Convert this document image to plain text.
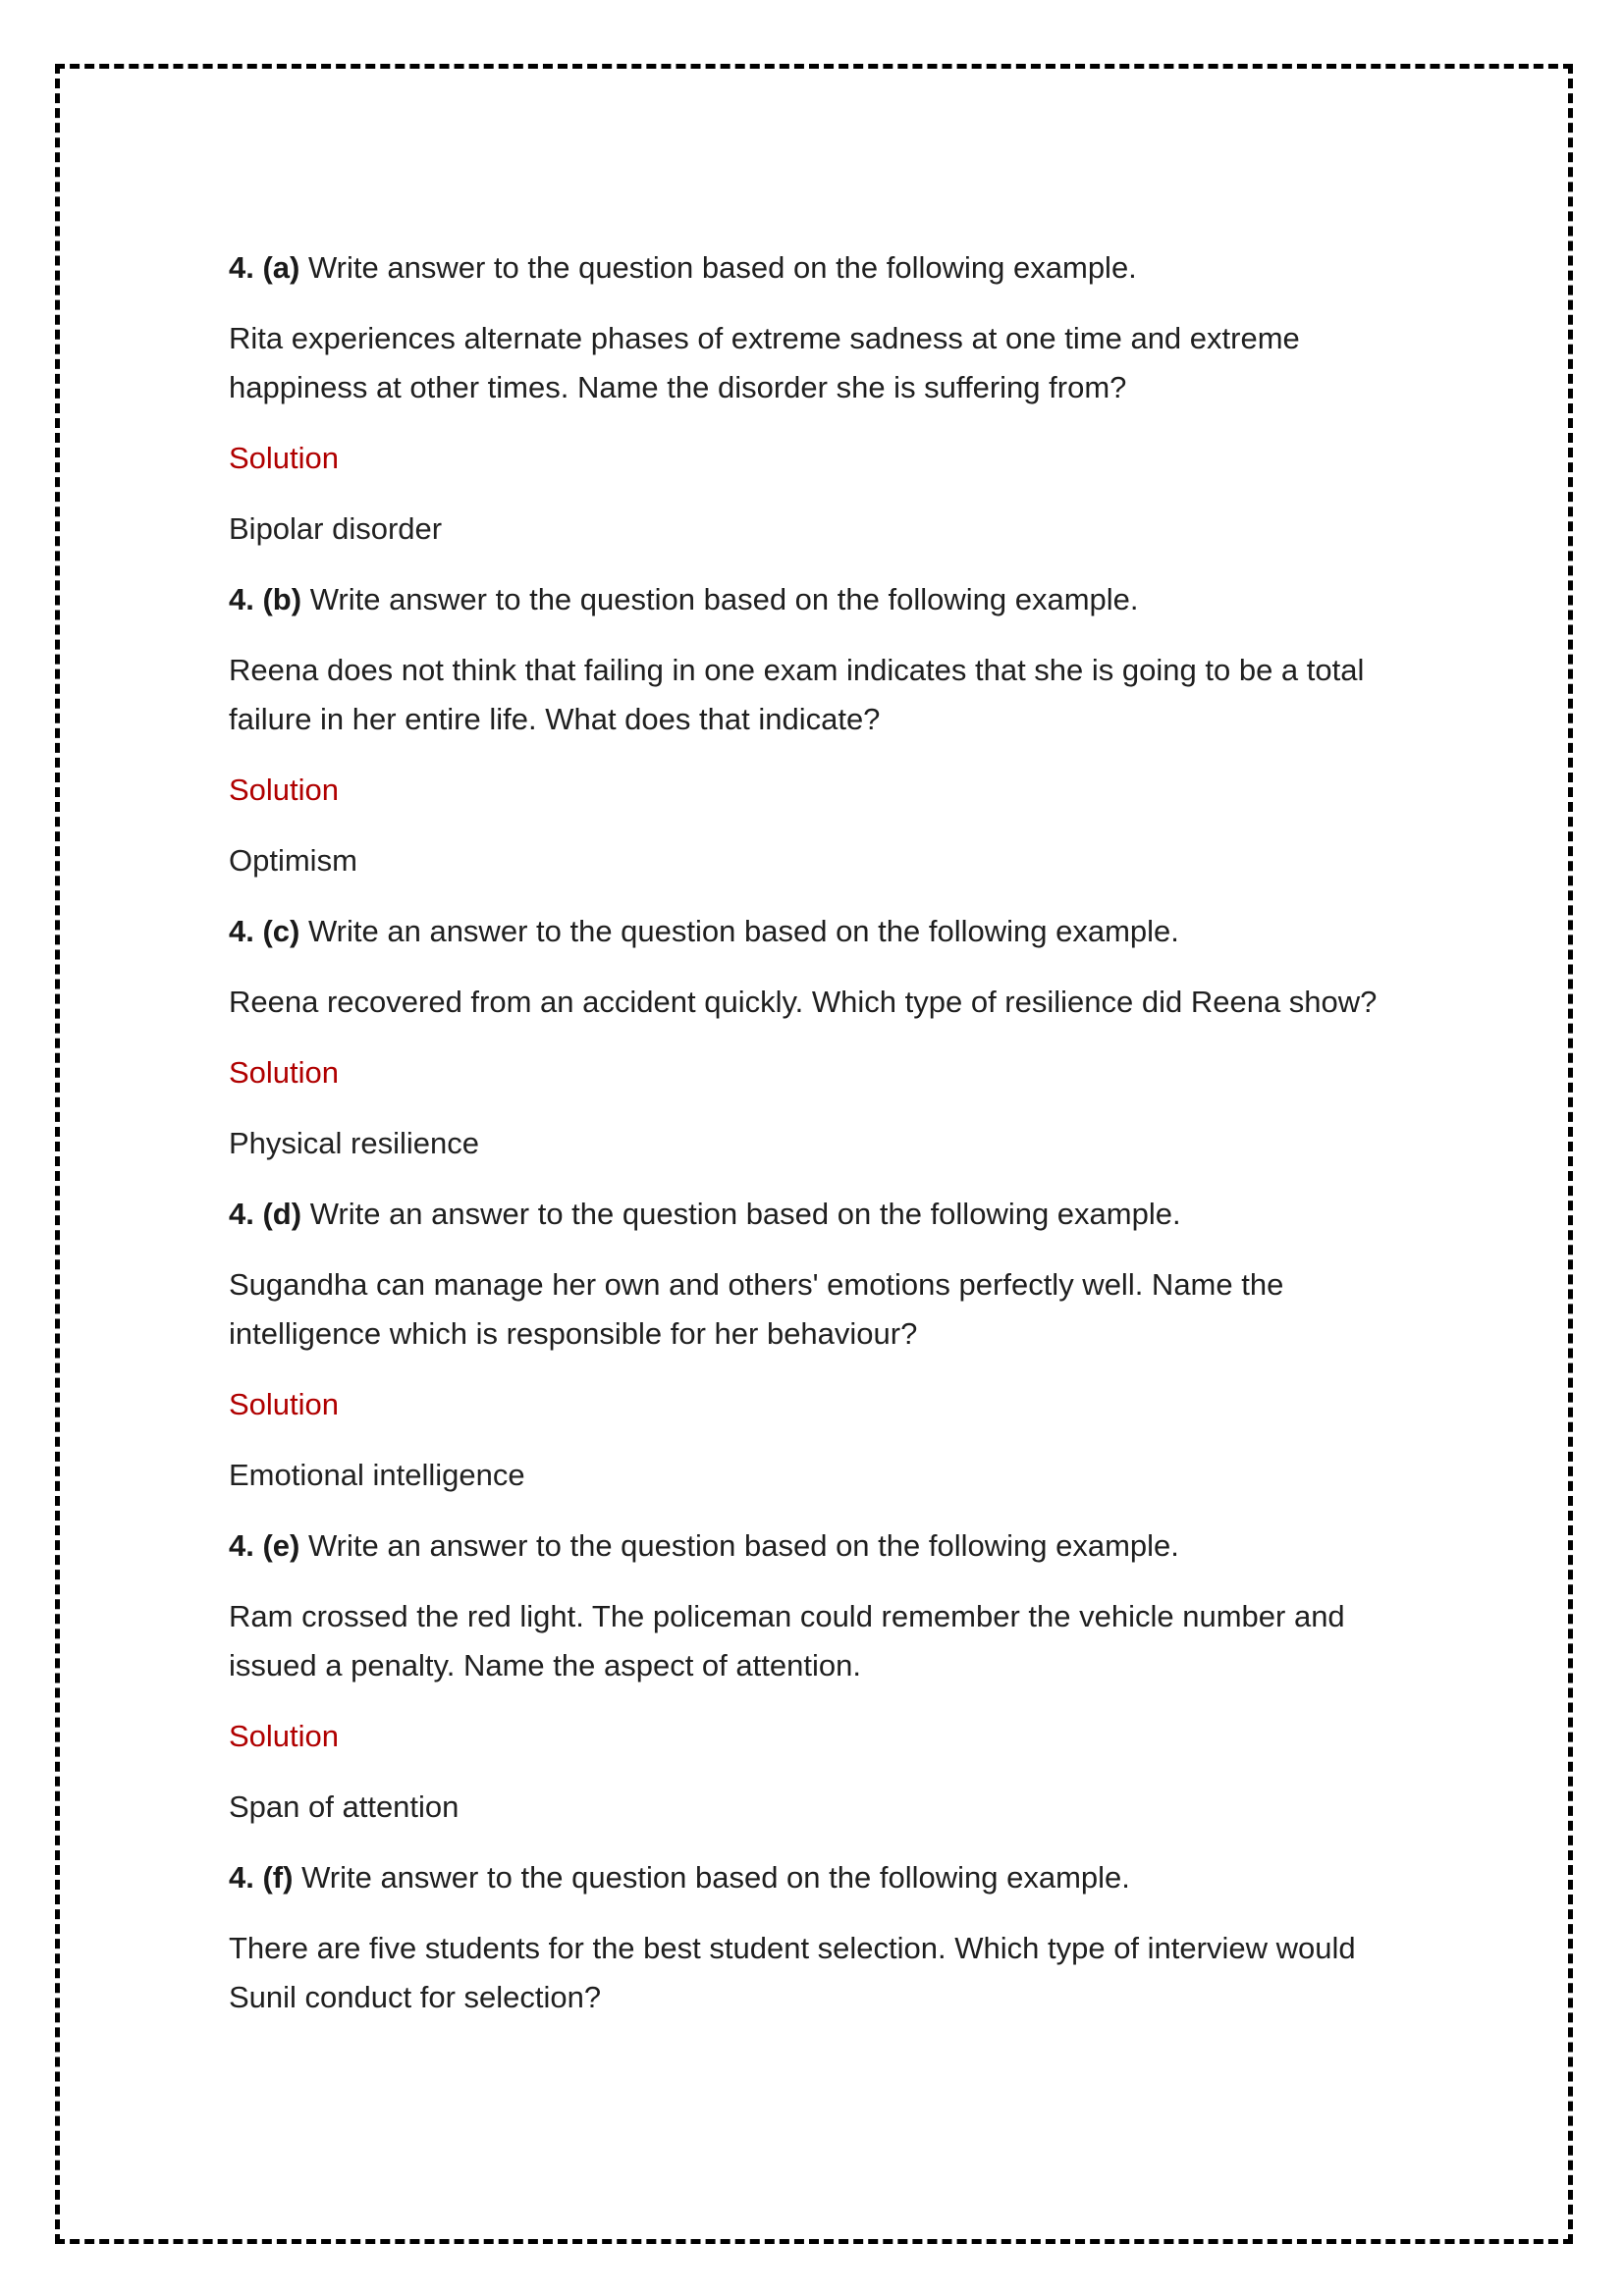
4. (a) Write answer to the question based on the following example.

Rita experiences alternate phases of extreme sadness at one time and extreme happiness at other times. Name the disorder she is suffering from?

Solution

Bipolar disorder

4. (b) Write answer to the question based on the following example.

Reena does not think that failing in one exam indicates that she is going to be a total failure in her entire life. What does that indicate?

Solution

Optimism

4. (c) Write an answer to the question based on the following example.

Reena recovered from an accident quickly. Which type of resilience did Reena show?

Solution

Physical resilience

4. (d) Write an answer to the question based on the following example.

Sugandha can manage her own and others' emotions perfectly well. Name the intelligence which is responsible for her behaviour?

Solution

Emotional intelligence

4. (e) Write an answer to the question based on the following example.

Ram crossed the red light. The policeman could remember the vehicle number and issued a penalty. Name the aspect of attention.

Solution

Span of attention

4. (f) Write answer to the question based on the following example.

There are five students for the best student selection. Which type of interview would Sunil conduct for selection?
